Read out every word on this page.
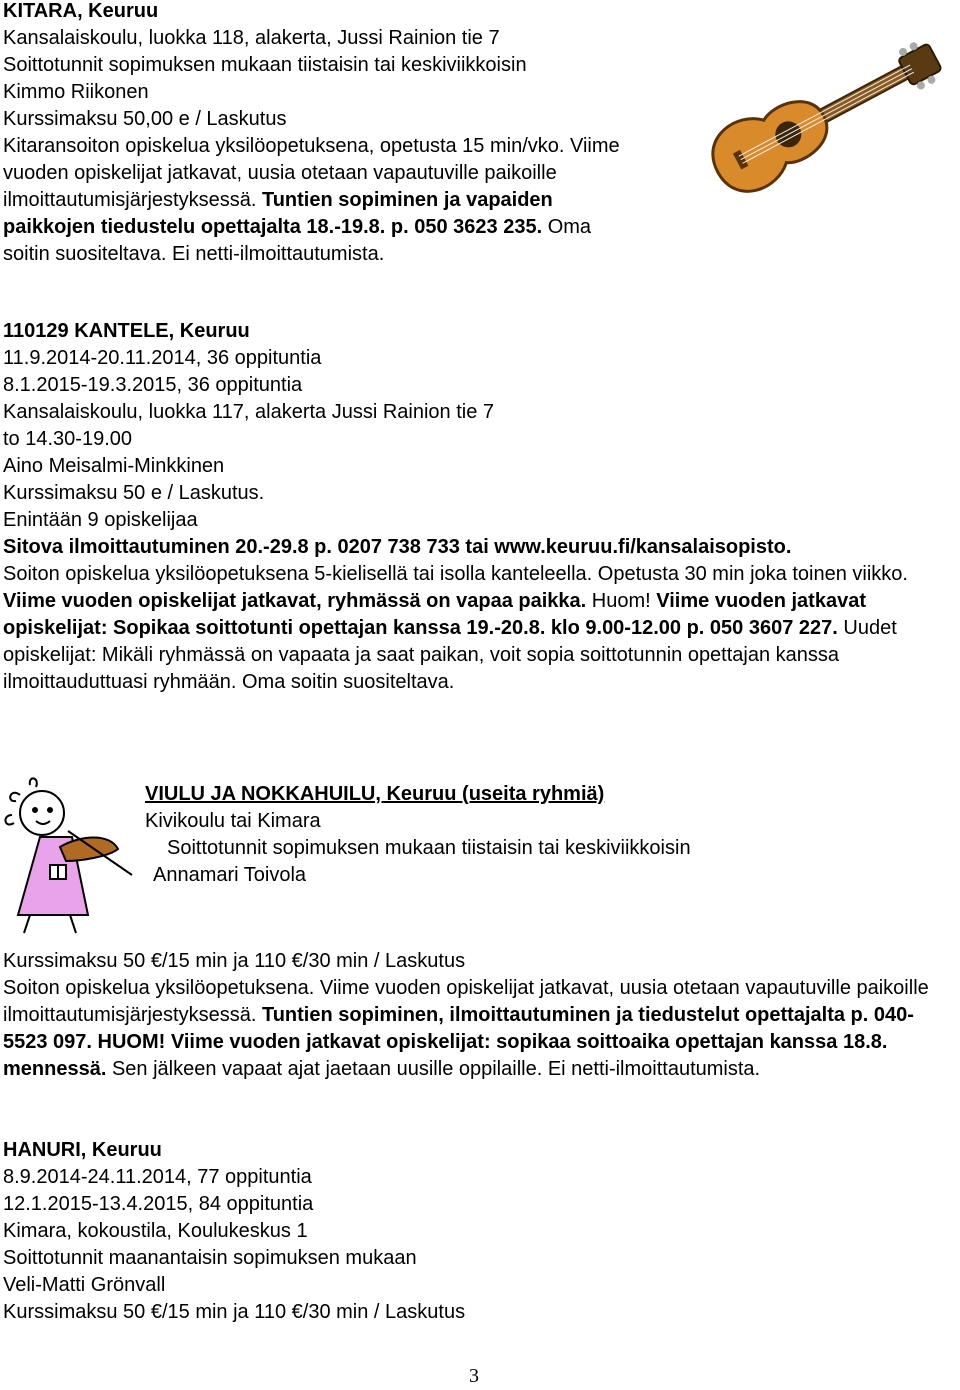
KITARA, Keuruu

Kansalaiskoulu, luokka 118, alakerta, Jussi Rainion tie 7

Soittotunnit sopimuksen mukaan tiistaisin tai keskiviikkoisin

Kimmo Riikonen

Kurssimaksu 50,00 e / Laskutus

Kitaransoiton opiskelua yksilöopetuksena, opetusta 15 min/vko. Viime vuoden opiskelijat jatkavat, uusia otetaan vapautuville paikoille ilmoittautumisjärjestyksessä. Tuntien sopiminen ja vapaiden paikkojen tiedustelu opettajalta 18.-19.8. p. 050 3623 235. Oma soitin suositeltava. Ei netti-ilmoittautumista.

110129 KANTELE, Keuruu

11.9.2014-20.11.2014, 36 oppituntia

8.1.2015-19.3.2015, 36 oppituntia

Kansalaiskoulu, luokka 117, alakerta Jussi Rainion tie 7

to 14.30-19.00

Aino Meisalmi-Minkkinen

Kurssimaksu 50 e / Laskutus.

Enintään 9 opiskelijaa

Sitova ilmoittautuminen 20.-29.8 p. 0207 738 733 tai www.keuruu.fi/kansalaisopisto.

Soiton opiskelua yksilöopetuksena 5-kielisellä tai isolla kanteleella. Opetusta 30 min joka toinen viikko. Viime vuoden opiskelijat jatkavat, ryhmässä on vapaa paikka. Huom! Viime vuoden jatkavat opiskelijat: Sopikaa soittotunti opettajan kanssa 19.-20.8. klo 9.00-12.00 p. 050 3607 227. Uudet opiskelijat: Mikäli ryhmässä on vapaata ja saat paikan, voit sopia soittotunnin opettajan kanssa ilmoittauduttuasi ryhmään. Oma soitin suositeltava.

VIULU JA NOKKAHUILU, Keuruu (useita ryhmiä)

Kivikoulu tai Kimara

Soittotunnit sopimuksen mukaan tiistaisin tai keskiviikkoisin

Annamari Toivola

Kurssimaksu 50 €/15 min ja 110 €/30 min / Laskutus

Soiton opiskelua yksilöopetuksena. Viime vuoden opiskelijat jatkavat, uusia otetaan vapautuville paikoille ilmoittautumisjärjestyksessä. Tuntien sopiminen, ilmoittautuminen ja tiedustelut opettajalta p. 040-5523 097. HUOM! Viime vuoden jatkavat opiskelijat: sopikaa soittoaika opettajan kanssa 18.8. mennessä. Sen jälkeen vapaat ajat jaetaan uusille oppilaille. Ei netti-ilmoittautumista.

HANURI, Keuruu

8.9.2014-24.11.2014, 77 oppituntia

12.1.2015-13.4.2015, 84 oppituntia

Kimara, kokoustila, Koulukeskus 1

Soittotunnit maanantaisin sopimuksen mukaan

Veli-Matti Grönvall

Kurssimaksu 50 €/15 min ja 110 €/30 min / Laskutus

3
